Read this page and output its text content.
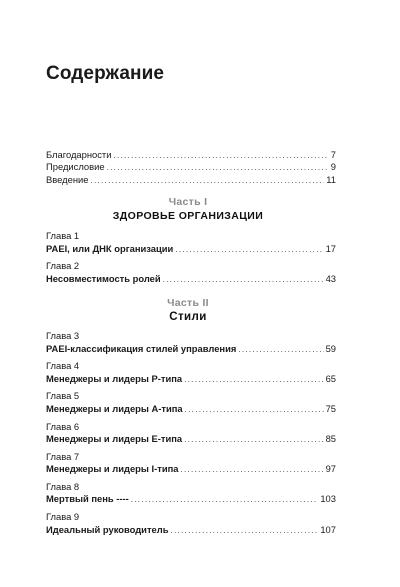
Содержание
Благодарности .....	7
Предисловие .....	9
Введение .....	11
Часть I
ЗДОРОВЬЕ ОРГАНИЗАЦИИ
Глава 1
PAEI, или ДНК организации .....	17
Глава 2
Несовместимость ролей .....	43
Часть II
Стили
Глава 3
PAEI-классификация стилей управления .....	59
Глава 4
Менеджеры и лидеры Р-типа .....	65
Глава 5
Менеджеры и лидеры А-типа .....	75
Глава 6
Менеджеры и лидеры Е-типа .....	85
Глава 7
Менеджеры и лидеры I-типа .....	97
Глава 8
Мертвый пень ---- .....	103
Глава 9
Идеальный руководитель .....	107
